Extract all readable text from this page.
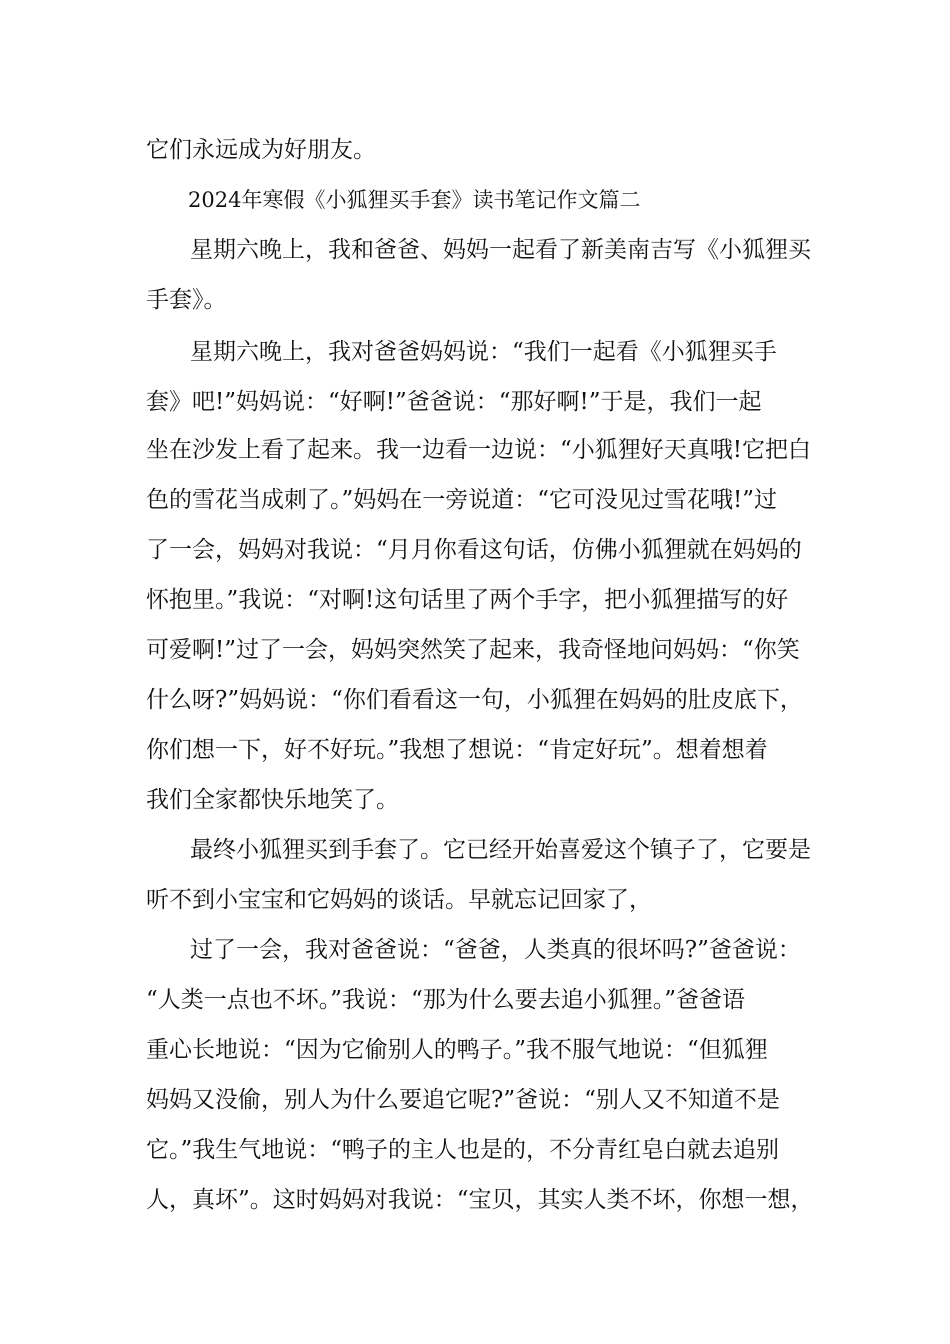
它们永远成为好朋友。
2024年寒假《小狐狸买手套》读书笔记作文篇二
星期六晚上，我和爸爸、妈妈一起看了新美南吉写《小狐狸买
手套》。
星期六晚上，我对爸爸妈妈说：“我们一起看《小狐狸买手
套》吧!”妈妈说：“好啊!”爸爸说：“那好啊!”于是，我们一起
坐在沙发上看了起来。我一边看一边说：“小狐狸好天真哦!它把白
色的雪花当成刺了。”妈妈在一旁说道：“它可没见过雪花哦!”过
了一会，妈妈对我说：“月月你看这句话，仿佛小狐狸就在妈妈的
怀抱里。”我说：“对啊!这句话里了两个手字，把小狐狸描写的好
可爱啊!”过了一会，妈妈突然笑了起来，我奇怪地问妈妈：“你笑
什么呀?”妈妈说：“你们看看这一句，小狐狸在妈妈的肚皮底下，
你们想一下，好不好玩。”我想了想说：“肯定好玩”。想着想着
我们全家都快乐地笑了。
最终小狐狸买到手套了。它已经开始喜爱这个镇子了，它要是
听不到小宝宝和它妈妈的谈话。早就忘记回家了，
过了一会，我对爸爸说：“爸爸，人类真的很坏吗?”爸爸说：
“人类一点也不坏。”我说：“那为什么要去追小狐狸。”爸爸语
重心长地说：“因为它偷别人的鸭子。”我不服气地说：“但狐狸
妈妈又没偷，别人为什么要追它呢?”爸说：“别人又不知道不是
它。”我生气地说：“鸭子的主人也是的，不分青红皂白就去追别
人，真坏”。这时妈妈对我说：“宝贝，其实人类不坏，你想一想，
